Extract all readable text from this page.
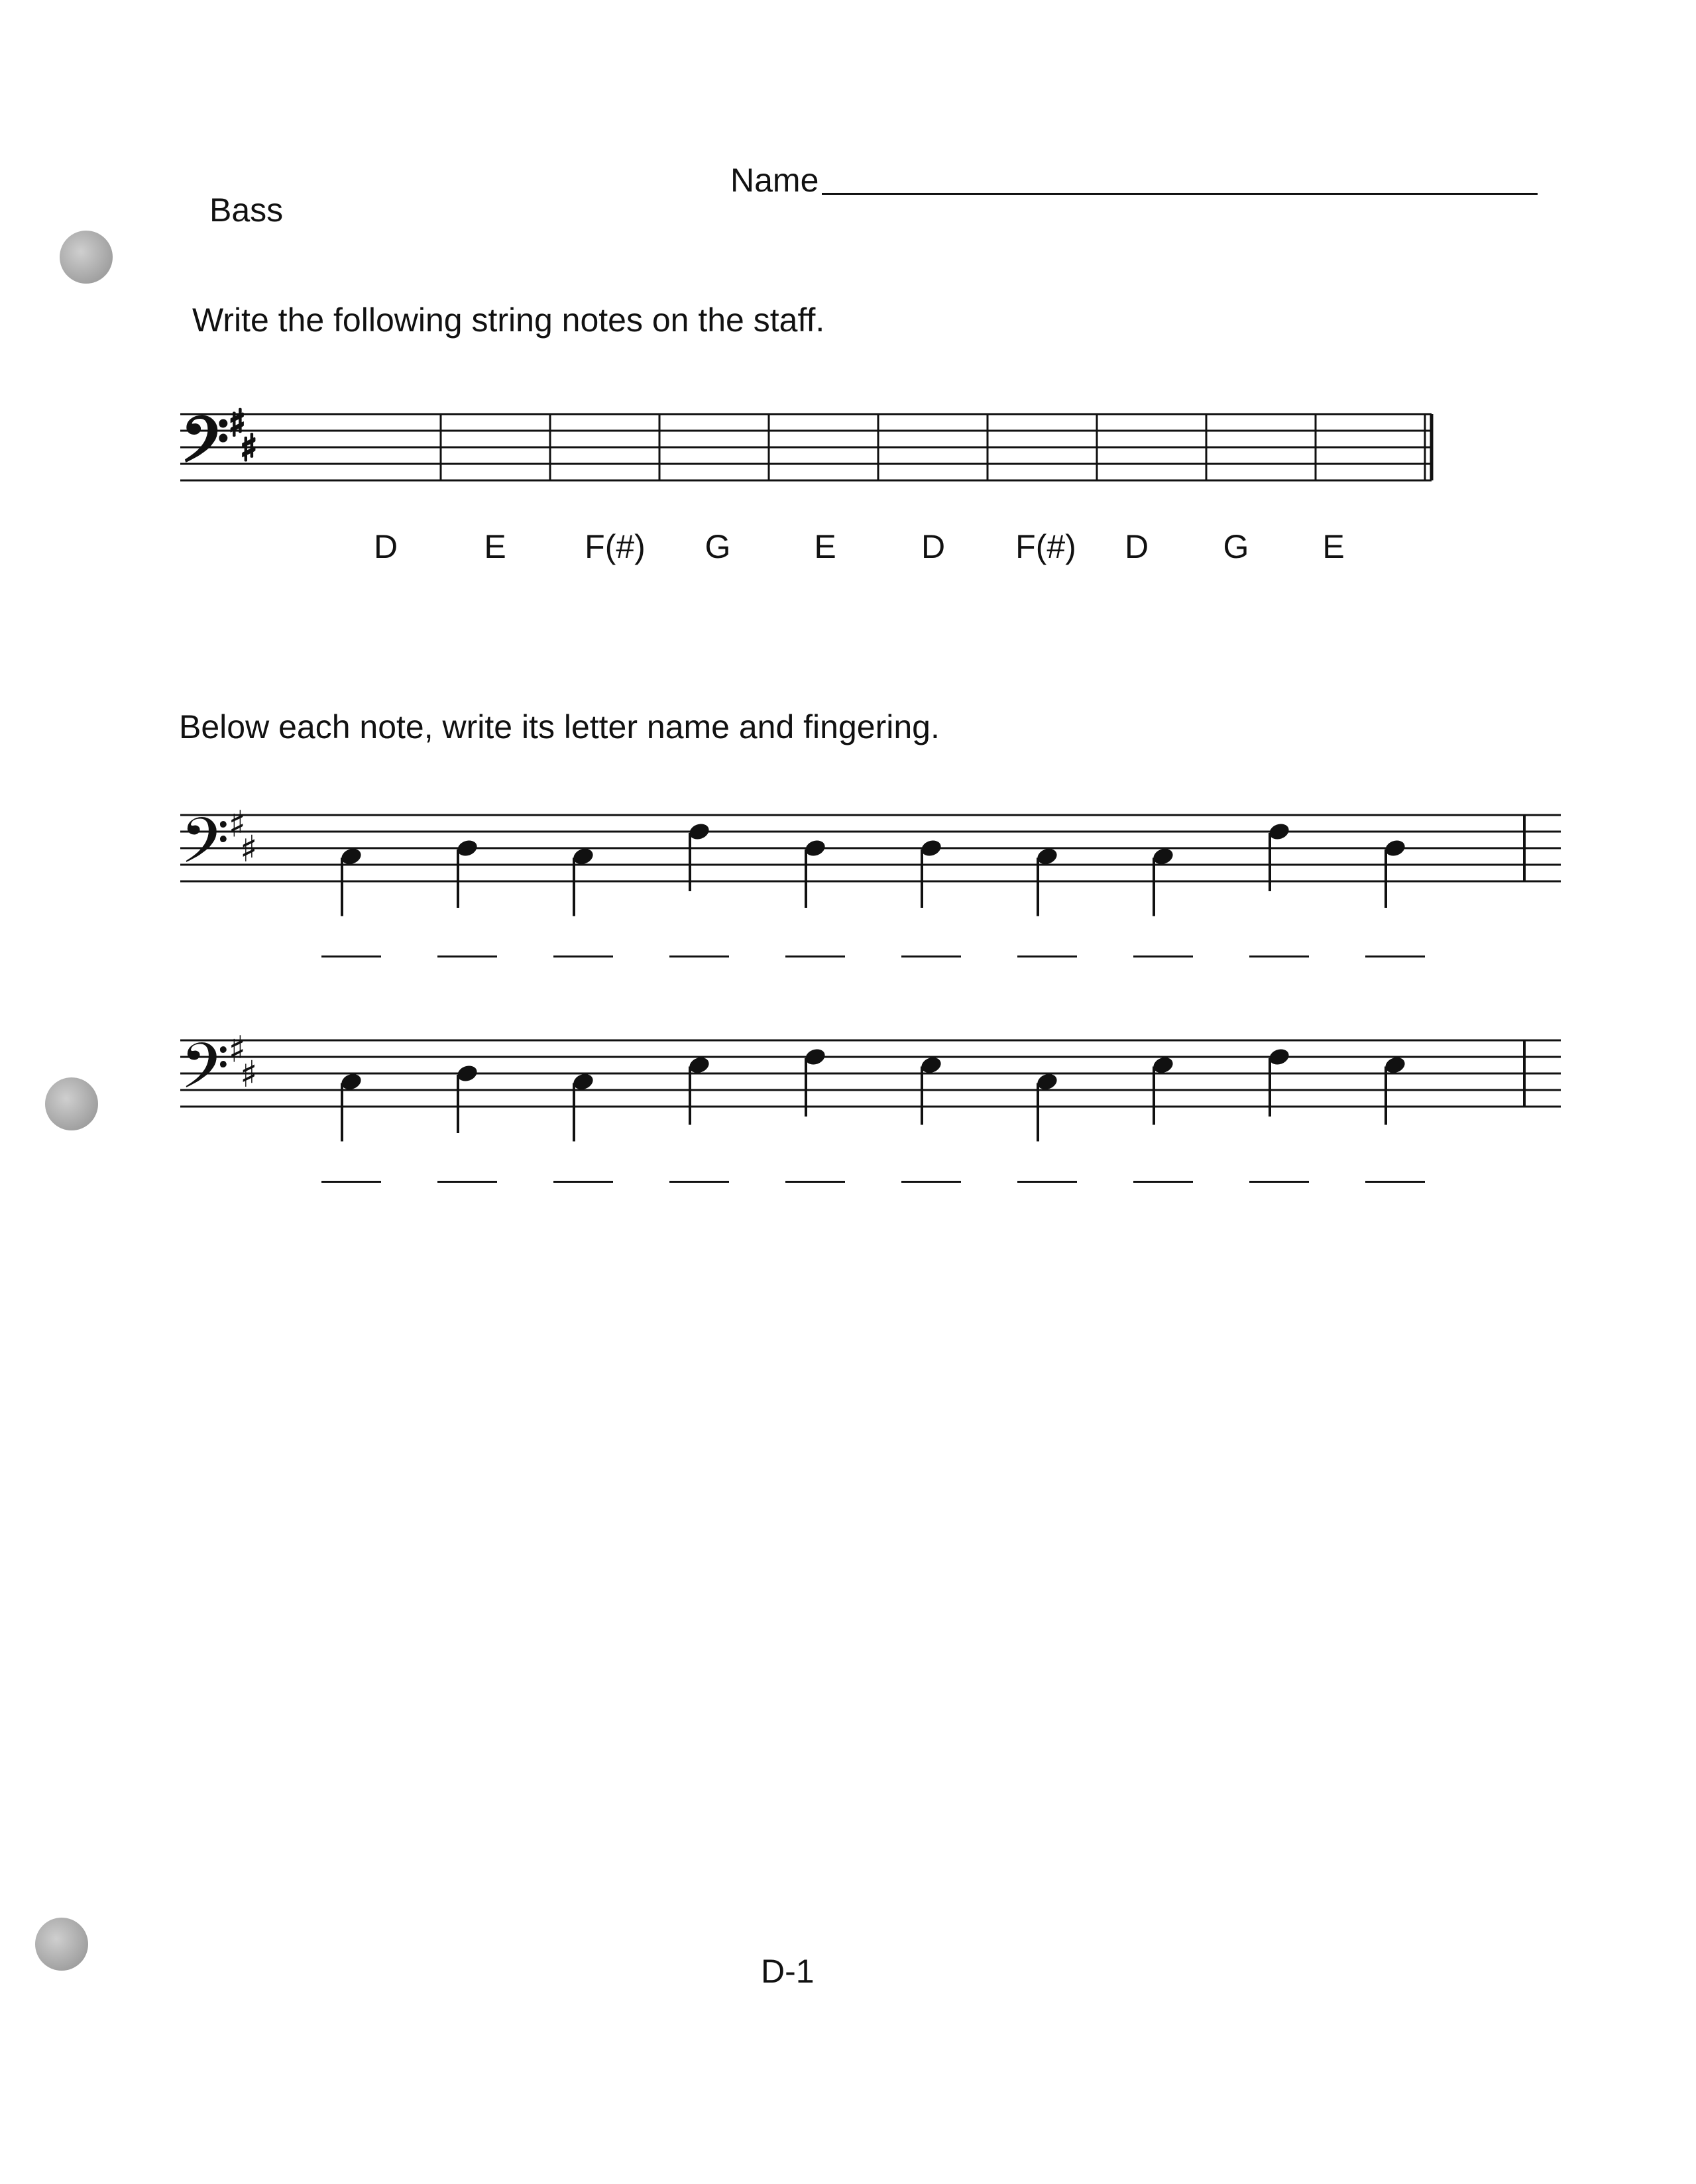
Bass
Name
Write the following string notes on the staff.
𝄢
♯
♯
D	E F(#) G	E	D F(#) D G E
Below each note, write its letter name and fingering.
𝄢
♯
♯
𝄢
♯
♯
D-1
